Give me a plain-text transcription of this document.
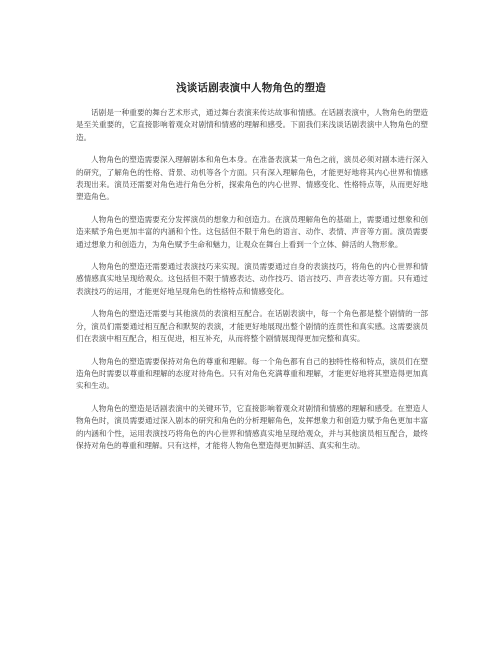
浅谈话剧表演中人物角色的塑造

话剧是一种重要的舞台艺术形式，通过舞台表演来传达故事和情感。在话剧表演中，人物角色的塑造是至关重要的，它直接影响着观众对剧情和情感的理解和感受。下面我们来浅谈话剧表演中人物角色的塑造。

人物角色的塑造需要深入理解剧本和角色本身。在准备表演某一角色之前，演员必须对剧本进行深入的研究，了解角色的性格、背景、动机等各个方面。只有深入理解角色，才能更好地将其内心世界和情感表现出来。演员还需要对角色进行角色分析，探索角色的内心世界、情感变化、性格特点等，从而更好地塑造角色。

人物角色的塑造需要充分发挥演员的想象力和创造力。在演员理解角色的基础上，需要通过想象和创造来赋予角色更加丰富的内涵和个性。这包括但不限于角色的语言、动作、表情、声音等方面。演员需要通过想象力和创造力，为角色赋予生命和魅力，让观众在舞台上看到一个立体、鲜活的人物形象。

人物角色的塑造还需要通过表演技巧来实现。演员需要通过自身的表演技巧，将角色的内心世界和情感情感真实地呈现给观众。这包括但不限于情感表达、动作技巧、语言技巧、声音表达等方面。只有通过表演技巧的运用，才能更好地呈现角色的性格特点和情感变化。

人物角色的塑造还需要与其他演员的表演相互配合。在话剧表演中，每一个角色都是整个剧情的一部分，演员们需要通过相互配合和默契的表演，才能更好地展现出整个剧情的连贯性和真实感。这需要演员们在表演中相互配合，相互促进，相互补充，从而将整个剧情展现得更加完整和真实。

人物角色的塑造需要保持对角色的尊重和理解。每一个角色都有自己的独特性格和特点，演员们在塑造角色时需要以尊重和理解的态度对待角色。只有对角色充满尊重和理解，才能更好地将其塑造得更加真实和生动。

人物角色的塑造是话剧表演中的关键环节，它直接影响着观众对剧情和情感的理解和感受。在塑造人物角色时，演员需要通过深入剧本的研究和角色的分析理解角色，发挥想象力和创造力赋予角色更加丰富的内涵和个性，运用表演技巧将角色的内心世界和情感真实地呈现给观众，并与其他演员相互配合，最终保持对角色的尊重和理解。只有这样，才能将人物角色塑造得更加鲜活、真实和生动。
